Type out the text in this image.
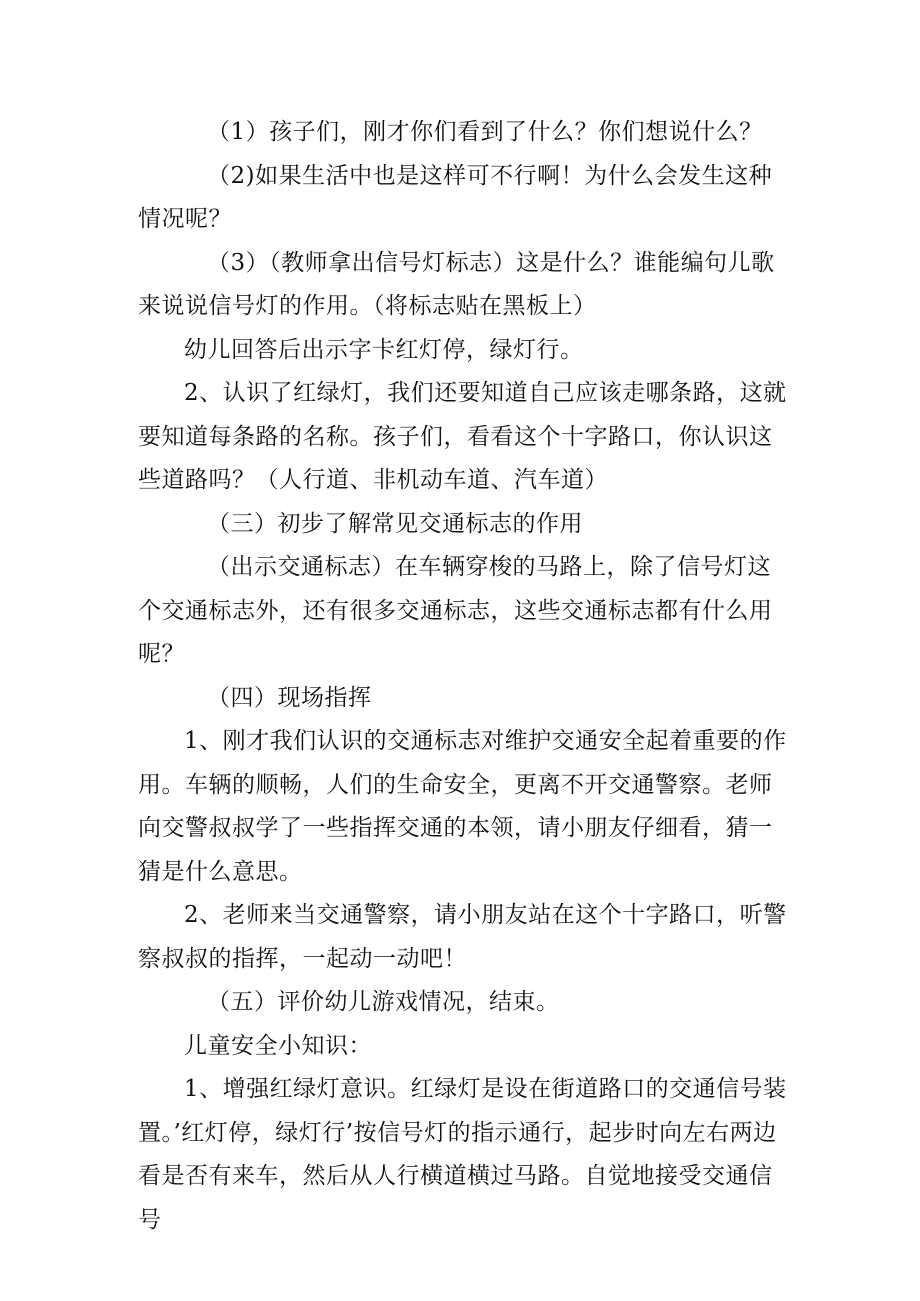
（1）孩子们，刚才你们看到了什么？你们想说什么？

（2)如果生活中也是这样可不行啊！为什么会发生这种情况呢？

（3）（教师拿出信号灯标志）这是什么？谁能编句儿歌来说说信号灯的作用。（将标志贴在黑板上）

幼儿回答后出示字卡红灯停，绿灯行。

2、认识了红绿灯，我们还要知道自己应该走哪条路，这就要知道每条路的名称。孩子们，看看这个十字路口，你认识这些道路吗？（人行道、非机动车道、汽车道）

（三）初步了解常见交通标志的作用

（出示交通标志）在车辆穿梭的马路上，除了信号灯这个交通标志外，还有很多交通标志，这些交通标志都有什么用呢？

（四）现场指挥

1、刚才我们认识的交通标志对维护交通安全起着重要的作用。车辆的顺畅，人们的生命安全，更离不开交通警察。老师向交警叔叔学了一些指挥交通的本领，请小朋友仔细看，猜一猜是什么意思。

2、老师来当交通警察，请小朋友站在这个十字路口，听警察叔叔的指挥，一起动一动吧！

（五）评价幼儿游戏情况，结束。

儿童安全小知识：

1、增强红绿灯意识。红绿灯是设在街道路口的交通信号装置。’红灯停，绿灯行’按信号灯的指示通行，起步时向左右两边看是否有来车，然后从人行横道横过马路。自觉地接受交通信号
